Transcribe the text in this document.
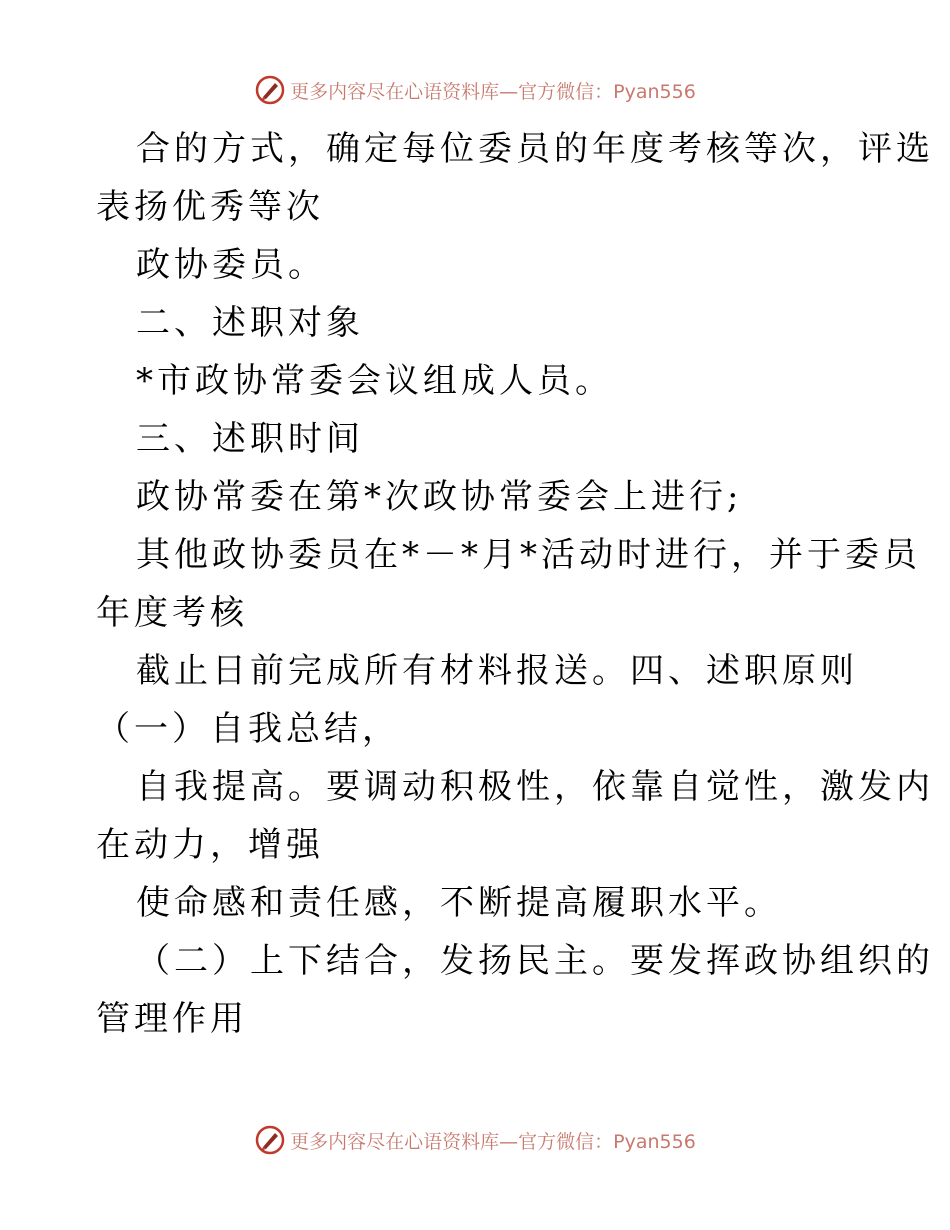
更多内容尽在心语资料库—官方微信：Pyan556
合的方式，确定每位委员的年度考核等次，评选
表扬优秀等次
政协委员。
二、述职对象
*市政协常委会议组成人员。
三、述职时间
政协常委在第*次政协常委会上进行;
其他政协委员在*－*月*活动时进行，并于委员
年度考核
截止日前完成所有材料报送。四、述职原则
（一）自我总结，
自我提高。要调动积极性，依靠自觉性，激发内
在动力，增强
使命感和责任感，不断提高履职水平。
（二）上下结合，发扬民主。要发挥政协组织的
管理作用
更多内容尽在心语资料库—官方微信：Pyan556
